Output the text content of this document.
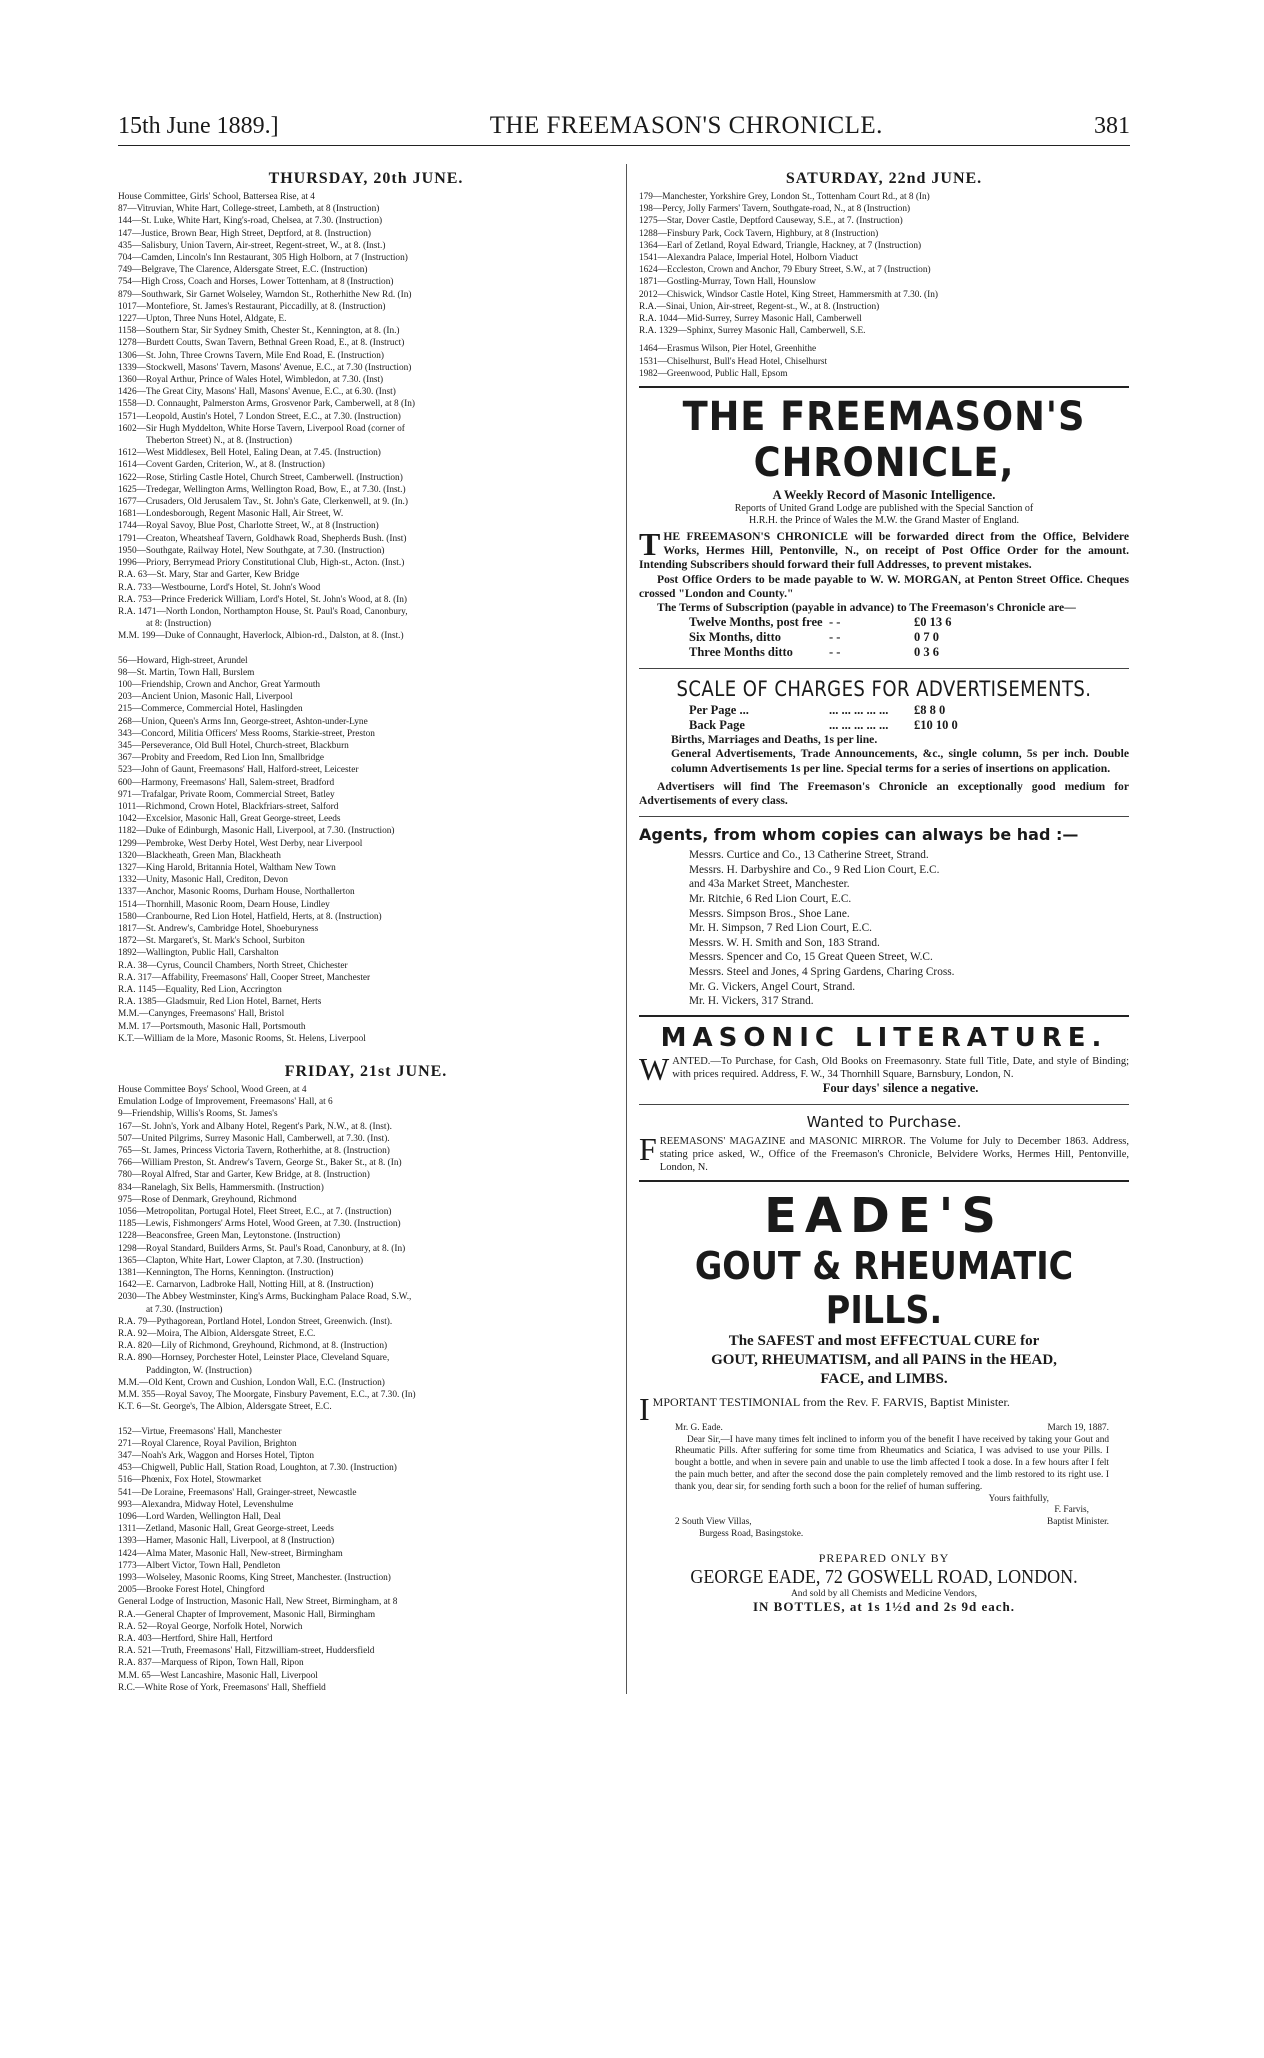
15th June 1889.]	THE FREEMASON'S CHRONICLE.	381
THURSDAY, 20th JUNE.
House Committee, Girls' School, Battersea Rise, at 4
87—Vitruvian, White Hart, College-street, Lambeth, at 8 (Instruction)
144—St. Luke, White Hart, King's-road, Chelsea, at 7.30. (Instruction)
147—Justice, Brown Bear, High Street, Deptford, at 8. (Instruction)
435—Salisbury, Union Tavern, Air-street, Regent-street, W., at 8. (Inst.)
704—Camden, Lincoln's Inn Restaurant, 305 High Holborn, at 7 (Instruction)
749—Belgrave, The Clarence, Aldersgate Street, E.C. (Instruction)
754—High Cross, Coach and Horses, Lower Tottenham, at 8 (Instruction)
879—Southwark, Sir Garnet Wolseley, Warndon St., Rotherhithe New Rd. (In)
1017—Montefiore, St. James's Restaurant, Piccadilly, at 8. (Instruction)
1227—Upton, Three Nuns Hotel, Aldgate, E.
1158—Southern Star, Sir Sydney Smith, Chester St., Kennington, at 8. (In.)
1278—Burdett Coutts, Swan Tavern, Bethnal Green Road, E., at 8. (Instruct)
1306—St. John, Three Crowns Tavern, Mile End Road, E. (Instruction)
1339—Stockwell, Masons' Tavern, Masons' Avenue, E.C., at 7.30 (Instruction)
1360—Royal Arthur, Prince of Wales Hotel, Wimbledon, at 7.30. (Inst)
1426—The Great City, Masons' Hall, Masons' Avenue, E.C., at 6.30. (Inst)
1558—D. Connaught, Palmerston Arms, Grosvenor Park, Camberwell, at 8 (In)
1571—Leopold, Austin's Hotel, 7 London Street, E.C., at 7.30. (Instruction)
1602—Sir Hugh Myddelton, White Horse Tavern, Liverpool Road (corner of
Theberton Street) N., at 8. (Instruction)
1612—West Middlesex, Bell Hotel, Ealing Dean, at 7.45. (Instruction)
1614—Covent Garden, Criterion, W., at 8. (Instruction)
1622—Rose, Stirling Castle Hotel, Church Street, Camberwell. (Instruction)
1625—Tredegar, Wellington Arms, Wellington Road, Bow, E., at 7.30. (Inst.)
1677—Crusaders, Old Jerusalem Tav., St. John's Gate, Clerkenwell, at 9. (In.)
1681—Londesborough, Regent Masonic Hall, Air Street, W.
1744—Royal Savoy, Blue Post, Charlotte Street, W., at 8 (Instruction)
1791—Creaton, Wheatsheaf Tavern, Goldhawk Road, Shepherds Bush. (Inst)
1950—Southgate, Railway Hotel, New Southgate, at 7.30. (Instruction)
1996—Priory, Berrymead Priory Constitutional Club, High-st., Acton. (Inst.)
R.A. 63—St. Mary, Star and Garter, Kew Bridge
R.A. 733—Westbourne, Lord's Hotel, St. John's Wood
R.A. 753—Prince Frederick William, Lord's Hotel, St. John's Wood, at 8. (In)
R.A. 1471—North London, Northampton House, St. Paul's Road, Canonbury,
at 8: (Instruction)
M.M. 199—Duke of Connaught, Haverlock, Albion-rd., Dalston, at 8. (Inst.)
56—Howard, High-street, Arundel
98—St. Martin, Town Hall, Burslem
100—Friendship, Crown and Anchor, Great Yarmouth
203—Ancient Union, Masonic Hall, Liverpool
215—Commerce, Commercial Hotel, Haslingden
268—Union, Queen's Arms Inn, George-street, Ashton-under-Lyne
343—Concord, Militia Officers' Mess Rooms, Starkie-street, Preston
345—Perseverance, Old Bull Hotel, Church-street, Blackburn
367—Probity and Freedom, Red Lion Inn, Smallbridge
523—John of Gaunt, Freemasons' Hall, Halford-street, Leicester
600—Harmony, Freemasons' Hall, Salem-street, Bradford
971—Trafalgar, Private Room, Commercial Street, Batley
1011—Richmond, Crown Hotel, Blackfriars-street, Salford
1042—Excelsior, Masonic Hall, Great George-street, Leeds
1182—Duke of Edinburgh, Masonic Hall, Liverpool, at 7.30. (Instruction)
1299—Pembroke, West Derby Hotel, West Derby, near Liverpool
1320—Blackheath, Green Man, Blackheath
1327—King Harold, Britannia Hotel, Waltham New Town
1332—Unity, Masonic Hall, Crediton, Devon
1337—Anchor, Masonic Rooms, Durham House, Northallerton
1514—Thornhill, Masonic Room, Dearn House, Lindley
1580—Cranbourne, Red Lion Hotel, Hatfield, Herts, at 8. (Instruction)
1817—St. Andrew's, Cambridge Hotel, Shoeburyness
1872—St. Margaret's, St. Mark's School, Surbiton
1892—Wallington, Public Hall, Carshalton
R.A. 38—Cyrus, Council Chambers, North Street, Chichester
R.A. 317—Affability, Freemasons' Hall, Cooper Street, Manchester
R.A. 1145—Equality, Red Lion, Accrington
R.A. 1385—Gladsmuir, Red Lion Hotel, Barnet, Herts
M.M.—Canynges, Freemasons' Hall, Bristol
M.M. 17—Portsmouth, Masonic Hall, Portsmouth
K.T.—William de la More, Masonic Rooms, St. Helens, Liverpool
FRIDAY, 21st JUNE.
House Committee Boys' School, Wood Green, at 4
Emulation Lodge of Improvement, Freemasons' Hall, at 6
9—Friendship, Willis's Rooms, St. James's
167—St. John's, York and Albany Hotel, Regent's Park, N.W., at 8. (Inst).
507—United Pilgrims, Surrey Masonic Hall, Camberwell, at 7.30. (Inst).
765—St. James, Princess Victoria Tavern, Rotherhithe, at 8. (Instruction)
766—William Preston, St. Andrew's Tavern, George St., Baker St., at 8. (In)
780—Royal Alfred, Star and Garter, Kew Bridge, at 8. (Instruction)
834—Ranelagh, Six Bells, Hammersmith. (Instruction)
975—Rose of Denmark, Greyhound, Richmond
1056—Metropolitan, Portugal Hotel, Fleet Street, E.C., at 7. (Instruction)
1185—Lewis, Fishmongers' Arms Hotel, Wood Green, at 7.30. (Instruction)
1228—Beaconsfree, Green Man, Leytonstone. (Instruction)
1298—Royal Standard, Builders Arms, St. Paul's Road, Canonbury, at 8. (In)
1365—Clapton, White Hart, Lower Clapton, at 7.30. (Instruction)
1381—Kennington, The Horns, Kennington. (Instruction)
1642—E. Carnarvon, Ladbroke Hall, Notting Hill, at 8. (Instruction)
2030—The Abbey Westminster, King's Arms, Buckingham Palace Road, S.W.,
at 7.30. (Instruction)
R.A. 79—Pythagorean, Portland Hotel, London Street, Greenwich. (Inst).
R.A. 92—Moira, The Albion, Aldersgate Street, E.C.
R.A. 820—Lily of Richmond, Greyhound, Richmond, at 8. (Instruction)
R.A. 890—Hornsey, Porchester Hotel, Leinster Place, Cleveland Square,
Paddington, W. (Instruction)
M.M.—Old Kent, Crown and Cushion, London Wall, E.C. (Instruction)
M.M. 355—Royal Savoy, The Moorgate, Finsbury Pavement, E.C., at 7.30. (In)
K.T. 6—St. George's, The Albion, Aldersgate Street, E.C.
152—Virtue, Freemasons' Hall, Manchester
271—Royal Clarence, Royal Pavilion, Brighton
347—Noah's Ark, Waggon and Horses Hotel, Tipton
453—Chigwell, Public Hall, Station Road, Loughton, at 7.30. (Instruction)
516—Phœnix, Fox Hotel, Stowmarket
541—De Loraine, Freemasons' Hall, Grainger-street, Newcastle
993—Alexandra, Midway Hotel, Levenshulme
1096—Lord Warden, Wellington Hall, Deal
1311—Zetland, Masonic Hall, Great George-street, Leeds
1393—Hamer, Masonic Hall, Liverpool, at 8 (Instruction)
1424—Alma Mater, Masonic Hall, New-street, Birmingham
1773—Albert Victor, Town Hall, Pendleton
1993—Wolseley, Masonic Rooms, King Street, Manchester. (Instruction)
2005—Brooke Forest Hotel, Chingford
General Lodge of Instruction, Masonic Hall, New Street, Birmingham, at 8
R.A.—General Chapter of Improvement, Masonic Hall, Birmingham
R.A. 52—Royal George, Norfolk Hotel, Norwich
R.A. 403—Hertford, Shire Hall, Hertford
R.A. 521—Truth, Freemasons' Hall, Fitzwilliam-street, Huddersfield
R.A. 837—Marquess of Ripon, Town Hall, Ripon
M.M. 65—West Lancashire, Masonic Hall, Liverpool
R.C.—White Rose of York, Freemasons' Hall, Sheffield
SATURDAY, 22nd JUNE.
179—Manchester, Yorkshire Grey, London St., Tottenham Court Rd., at 8 (In)
198—Percy, Jolly Farmers' Tavern, Southgate-road, N., at 8 (Instruction)
1275—Star, Dover Castle, Deptford Causeway, S.E., at 7. (Instruction)
1288—Finsbury Park, Cock Tavern, Highbury, at 8 (Instruction)
1364—Earl of Zetland, Royal Edward, Triangle, Hackney, at 7 (Instruction)
1541—Alexandra Palace, Imperial Hotel, Holborn Viaduct
1624—Eccleston, Crown and Anchor, 79 Ebury Street, S.W., at 7 (Instruction)
1871—Gostling-Murray, Town Hall, Hounslow
2012—Chiswick, Windsor Castle Hotel, King Street, Hammersmith at 7.30. (In)
R.A.—Sinai, Union, Air-street, Regent-st., W., at 8. (Instruction)
R.A. 1044—Mid-Surrey, Surrey Masonic Hall, Camberwell
R.A. 1329—Sphinx, Surrey Masonic Hall, Camberwell, S.E.
1464—Erasmus Wilson, Pier Hotel, Greenhithe
1531—Chiselhurst, Bull's Head Hotel, Chiselhurst
1982—Greenwood, Public Hall, Epsom
THE FREEMASON'S CHRONICLE,
A Weekly Record of Masonic Intelligence.
Reports of United Grand Lodge are published with the Special Sanction of
H.R.H. the Prince of Wales the M.W. the Grand Master of England.
THE FREEMASON'S CHRONICLE will be forwarded direct from the Office, Belvidere Works, Hermes Hill, Pentonville, N., on receipt of Post Office Order for the amount. Intending Subscribers should forward their full Addresses, to prevent mistakes.
Post Office Orders to be made payable to W. W. MORGAN, at Penton Street Office. Cheques crossed "London and County."
The Terms of Subscription (payable in advance) to The Freemason's Chronicle are—
Twelve Months, post free - -	£0 13 6
Six Months, ditto	- -	0 7 0
Three Months ditto	- -	0 3 6
SCALE OF CHARGES FOR ADVERTISEMENTS.
Per Page ...	... ... ... ... ...	£8 8 0
Back Page	... ... ... ... ...	£10 10 0
Births, Marriages and Deaths, 1s per line.
General Advertisements, Trade Announcements, &c., single column, 5s per inch. Double column Advertisements 1s per line. Special terms for a series of insertions on application.
Advertisers will find The Freemason's Chronicle an exceptionally good medium for Advertisements of every class.
Agents, from whom copies can always be had :—
Messrs. Curtice and Co., 13 Catherine Street, Strand.
Messrs. H. Darbyshire and Co., 9 Red Lion Court, E.C.
and 43a Market Street, Manchester.
Mr. Ritchie, 6 Red Lion Court, E.C.
Messrs. Simpson Bros., Shoe Lane.
Mr. H. Simpson, 7 Red Lion Court, E.C.
Messrs. W. H. Smith and Son, 183 Strand.
Messrs. Spencer and Co, 15 Great Queen Street, W.C.
Messrs. Steel and Jones, 4 Spring Gardens, Charing Cross.
Mr. G. Vickers, Angel Court, Strand.
Mr. H. Vickers, 317 Strand.
MASONIC LITERATURE.
WANTED.—To Purchase, for Cash, Old Books on Freemasonry. State full Title, Date, and style of Binding; with prices required. Address, F. W., 34 Thornhill Square, Barnsbury, London, N.
Four days' silence a negative.
Wanted to Purchase.
FREEMASONS' MAGAZINE and MASONIC MIRROR. The Volume for July to December 1863. Address, stating price asked, W., Office of the Freemason's Chronicle, Belvidere Works, Hermes Hill, Pentonville, London, N.
EADE'S
GOUT & RHEUMATIC PILLS.
The SAFEST and most EFFECTUAL CURE for
GOUT, RHEUMATISM, and all PAINS in the HEAD,
FACE, and LIMBS.
IMPORTANT TESTIMONIAL from the Rev. F. FARVIS, Baptist Minister.
Mr. G. Eade.	March 19, 1887.
Dear Sir,—I have many times felt inclined to inform you of the benefit I have received by taking your Gout and Rheumatic Pills. After suffering for some time from Rheumatics and Sciatica, I was advised to use your Pills. I bought a bottle, and when in severe pain and unable to use the limb affected I took a dose. In a few hours after I felt the pain much better, and after the second dose the pain completely removed and the limb restored to its right use. I thank you, dear sir, for sending forth such a boon for the relief of human suffering.
Yours faithfully,
F. Farvis,
2 South View Villas,	Baptist Minister.
Burgess Road, Basingstoke.
PREPARED ONLY BY
GEORGE EADE, 72 GOSWELL ROAD, LONDON.
And sold by all Chemists and Medicine Vendors,
IN BOTTLES, at 1s 1½d and 2s 9d each.
